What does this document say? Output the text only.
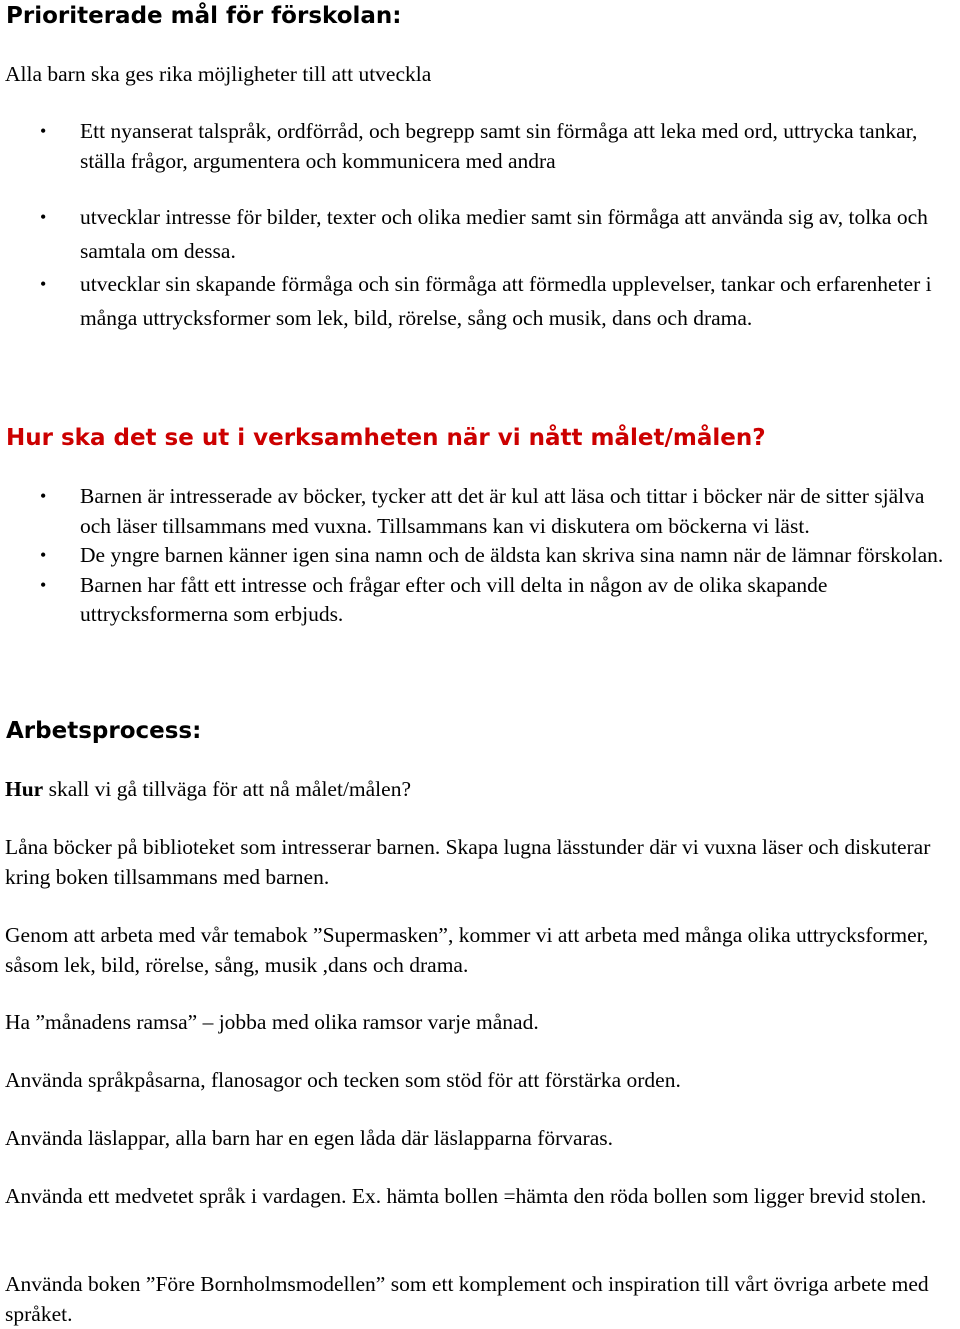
Prioriterade mål för förskolan:

Alla barn ska ges rika möjligheter till att utveckla

• Ett nyanserat talspråk, ordförråd, och begrepp samt sin förmåga att leka med ord, uttrycka tankar, ställa frågor, argumentera och kommunicera med andra
• utvecklar intresse för bilder, texter och olika medier samt sin förmåga att använda sig av, tolka och samtala om dessa.
• utvecklar sin skapande förmåga och sin förmåga att förmedla upplevelser, tankar och erfarenheter i många uttrycksformer som lek, bild, rörelse, sång och musik, dans och drama.
Hur ska det se ut i verksamheten när vi nått målet/målen?
• Barnen är intresserade av böcker, tycker att det är kul att läsa och tittar i böcker när de sitter själva och läser tillsammans med vuxna. Tillsammans kan vi diskutera om böckerna vi läst.
• De yngre barnen känner igen sina namn och de äldsta kan skriva sina namn när de lämnar förskolan.
• Barnen har fått ett intresse och frågar efter och vill delta in någon av de olika skapande uttrycksformerna som erbjuds.
Arbetsprocess:

Hur skall vi gå tillväga för att nå målet/målen?

Låna böcker på biblioteket som intresserar barnen. Skapa lugna lässtunder där vi vuxna läser och diskuterar kring boken tillsammans med barnen.

Genom att arbeta med vår temabok ”Supermasken”, kommer vi att arbeta med många olika uttrycksformer, såsom lek, bild, rörelse, sång, musik ,dans och drama.

Ha ”månadens ramsa” – jobba med olika ramsor varje månad.

Använda språkpåsarna, flanosagor och tecken som stöd för att förstärka orden.

Använda läslappar, alla barn har en egen låda där läslapparna förvaras.

Använda ett medvetet språk i vardagen. Ex. hämta bollen =hämta den röda bollen som ligger brevid stolen.

Använda boken ”Före Bornholmsmodellen” som ett komplement och inspiration till vårt övriga arbete med språket.
